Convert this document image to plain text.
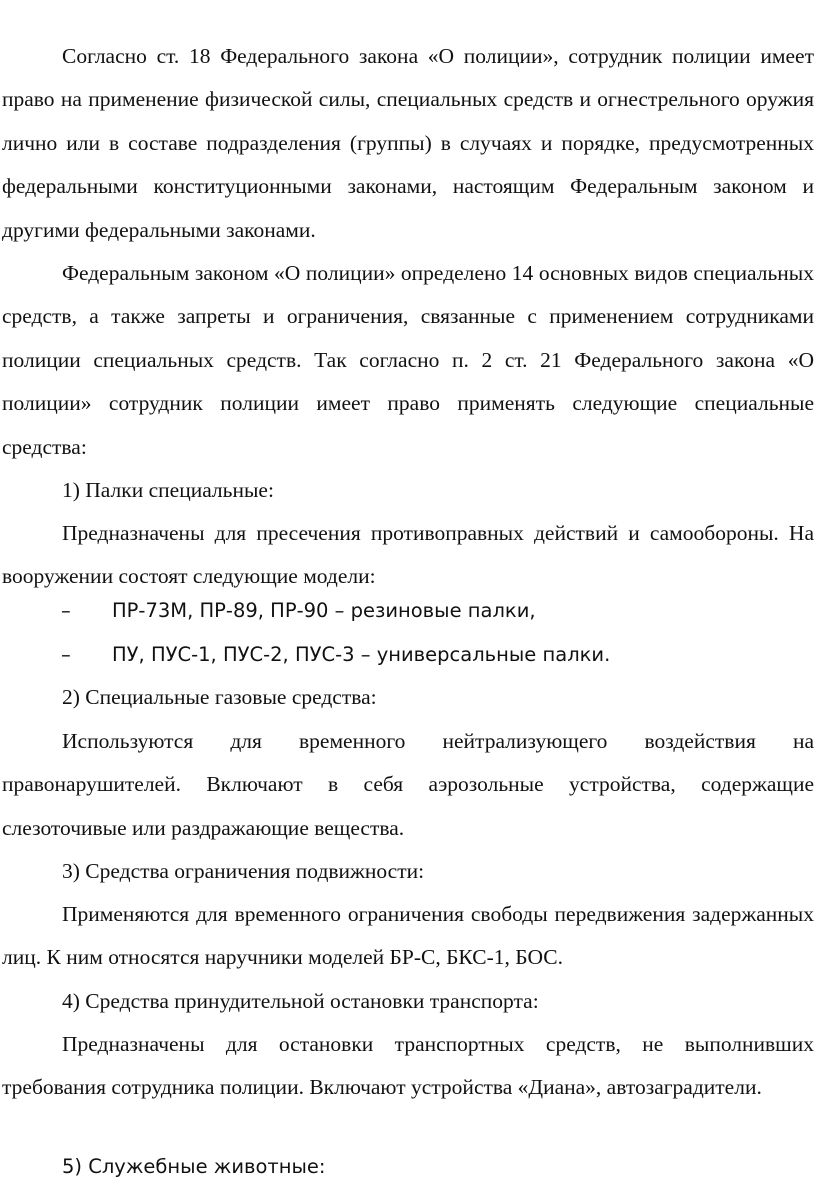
Согласно ст. 18 Федерального закона «О полиции», сотрудник полиции имеет право на применение физической силы, специальных средств и огнестрельного оружия лично или в составе подразделения (группы) в случаях и порядке, предусмотренных федеральными конституционными законами, настоящим Федеральным законом и другими федеральными законами.

Федеральным законом «О полиции» определено 14 основных видов специальных средств, а также запреты и ограничения, связанные с применением сотрудниками полиции специальных средств. Так согласно п. 2 ст. 21 Федерального закона «О полиции» сотрудник полиции имеет право применять следующие специальные средства:

1) Палки специальные:

Предназначены для пресечения противоправных действий и самообороны. На вооружении состоят следующие модели:

– ПР-73М, ПР-89, ПР-90 – резиновые палки,
– ПУ, ПУС-1, ПУС-2, ПУС-3 – универсальные палки.

2) Специальные газовые средства:

Используются для временного нейтрализующего воздействия на правонарушителей. Включают в себя аэрозольные устройства, содержащие слезоточивые или раздражающие вещества.

3) Средства ограничения подвижности:

Применяются для временного ограничения свободы передвижения задержанных лиц. К ним относятся наручники моделей БР-С, БКС-1, БОС.

4) Средства принудительной остановки транспорта:

Предназначены для остановки транспортных средств, не выполнивших требования сотрудника полиции. Включают устройства «Диана», автозаградители.

5) Служебные животные:
